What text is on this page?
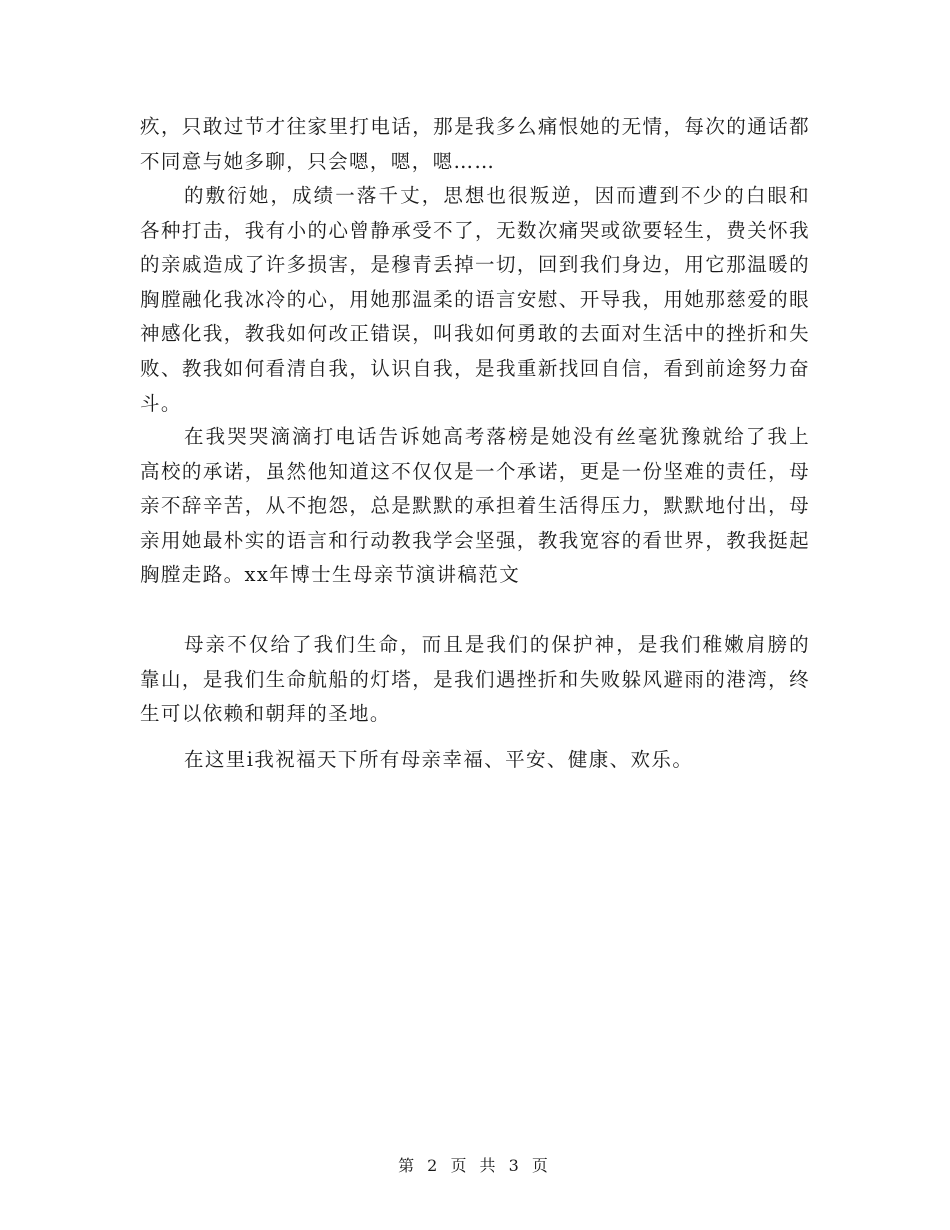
疚，只敢过节才往家里打电话，那是我多么痛恨她的无情，每次的通话都不同意与她多聊，只会嗯，嗯，嗯……

的敷衍她，成绩一落千丈，思想也很叛逆，因而遭到不少的白眼和各种打击，我有小的心曾静承受不了，无数次痛哭或欲要轻生，费关怀我的亲戚造成了许多损害，是穆青丢掉一切，回到我们身边，用它那温暖的胸膛融化我冰冷的心，用她那温柔的语言安慰、开导我，用她那慈爱的眼神感化我，教我如何改正错误，叫我如何勇敢的去面对生活中的挫折和失败、教我如何看清自我，认识自我，是我重新找回自信，看到前途努力奋斗。

在我哭哭滴滴打电话告诉她高考落榜是她没有丝毫犹豫就给了我上高校的承诺，虽然他知道这不仅仅是一个承诺，更是一份坚难的责任，母亲不辞辛苦，从不抱怨，总是默默的承担着生活得压力，默默地付出，母亲用她最朴实的语言和行动教我学会坚强，教我宽容的看世界，教我挺起胸膛走路。xx年博士生母亲节演讲稿范文

母亲不仅给了我们生命，而且是我们的保护神，是我们稚嫩肩膀的靠山，是我们生命航船的灯塔，是我们遇挫折和失败躲风避雨的港湾，终生可以依赖和朝拜的圣地。

在这里i我祝福天下所有母亲幸福、平安、健康、欢乐。

第 2 页 共 3 页
